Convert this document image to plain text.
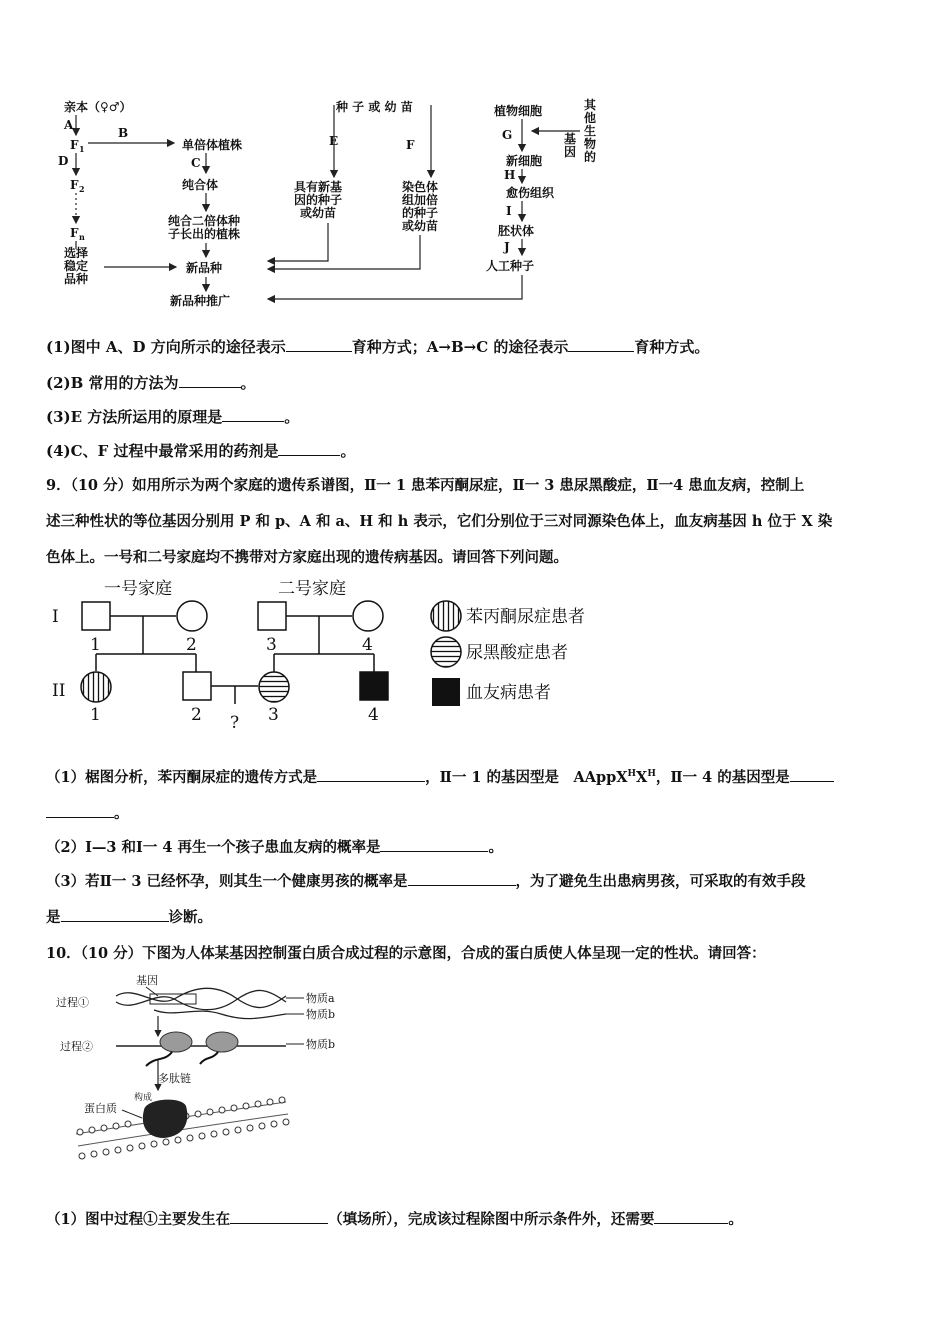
亲本（♀♂）
A
F 1
B
D
F 2
F n
选择
稳定
品种
单倍体植株
C
纯合体
纯合二倍体种
子长出的植株
新品种
新品种推广
种 子 或 幼 苗
E	F
具有新基
因的种子
或幼苗
染色体
组加倍
的种子
或幼苗
植物细胞	其
他
生
物
的
基
因
G
新细胞
H
愈伤组织
I
胚状体
J
人工种子
(1)图中 A、D 方向所示的途径表示	育种方式；A→B→C 的途径表示	育种方式。
(2)B 常用的方法为	。
(3)E 方法所运用的原理是	。
(4)C、F 过程中最常采用的药剂是	。
9．（10 分）如用所示为两个家庭的遗传系谱图，Ⅱ一 1 患苯丙酮尿症，Ⅱ一 3 患尿黑酸症，Ⅱ一4 患血友病，控制上
述三种性状的等位基因分别用 P 和 p、A 和 a、H 和 h 表示，它们分别位于三对同源染色体上，血友病基因 h 位于 X 染
色体上。一号和二号家庭均不携带对方家庭出现的遗传病基因。请回答下列问题。
一号家庭	二号家庭
I
II
1	2	3	4
?
1	2	3	4
苯丙酮尿症患者
尿黑酸症患者
血友病患者
（1）椐图分析，苯丙酮尿症的遗传方式是	，Ⅱ一 1 的基因型是　$AAppX^HX^H$，Ⅱ一 4 的基因型是
。
（2）Ⅰ—3 和Ⅰ一 4 再生一个孩子患血友病的概率是	。
（3）若Ⅱ一 3 已经怀孕，则其生一个健康男孩的概率是	，为了避免生出患病男孩，可采取的有效手段
是	诊断。
10．（10 分）下图为人体某基因控制蛋白质合成过程的示意图，合成的蛋白质使人体呈现一定的性状。请回答：
基因
过程①	物质a
物质b
过程②	物质b
多肽链
构成
蛋白质
（1）图中过程①主要发生在	（填场所），完成该过程除图中所示条件外，还需要	。
